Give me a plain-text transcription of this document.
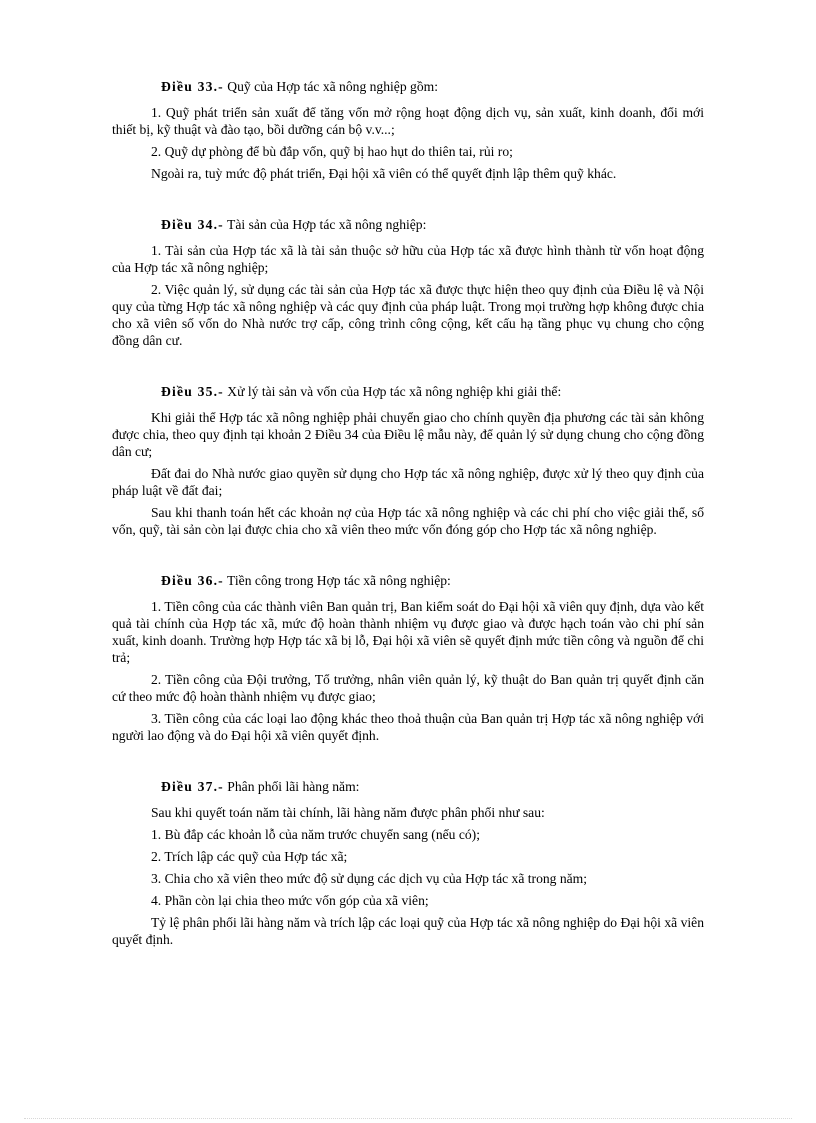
Điều 33.- Quỹ của Hợp tác xã nông nghiệp gồm:

1. Quỹ phát triển sản xuất để tăng vốn mở rộng hoạt động dịch vụ, sản xuất, kinh doanh, đổi mới thiết bị, kỹ thuật và đào tạo, bồi dưỡng cán bộ v.v...;

2. Quỹ dự phòng để bù đắp vốn, quỹ bị hao hụt do thiên tai, rủi ro;

Ngoài ra, tuỳ mức độ phát triển, Đại hội xã viên có thể quyết định lập thêm quỹ khác.

Điều 34.- Tài sản của Hợp tác xã nông nghiệp:

1. Tài sản của Hợp tác xã là tài sản thuộc sở hữu của Hợp tác xã được hình thành từ vốn hoạt động của Hợp tác xã nông nghiệp;

2. Việc quản lý, sử dụng các tài sản của Hợp tác xã được thực hiện theo quy định của Điều lệ và Nội quy của từng Hợp tác xã nông nghiệp và các quy định của pháp luật. Trong mọi trường hợp không được chia cho xã viên số vốn do Nhà nước trợ cấp, công trình công cộng, kết cấu hạ tầng phục vụ chung cho cộng đồng dân cư.

Điều 35.- Xử lý tài sản và vốn của Hợp tác xã nông nghiệp khi giải thể:

Khi giải thể Hợp tác xã nông nghiệp phải chuyển giao cho chính quyền địa phương các tài sản không được chia, theo quy định tại khoản 2 Điều 34 của Điều lệ mẫu này, để quản lý sử dụng chung cho cộng đồng dân cư;

Đất đai do Nhà nước giao quyền sử dụng cho Hợp tác xã nông nghiệp, được xử lý theo quy định của pháp luật về đất đai;

Sau khi thanh toán hết các khoản nợ của Hợp tác xã nông nghiệp và các chi phí cho việc giải thể, số vốn, quỹ, tài sản còn lại được chia cho xã viên theo mức vốn đóng góp cho Hợp tác xã nông nghiệp.

Điều 36.- Tiền công trong Hợp tác xã nông nghiệp:

1. Tiền công của các thành viên Ban quản trị, Ban kiểm soát do Đại hội xã viên quy định, dựa vào kết quả tài chính của Hợp tác xã, mức độ hoàn thành nhiệm vụ được giao và được hạch toán vào chi phí sản xuất, kinh doanh. Trường hợp Hợp tác xã bị lỗ, Đại hội xã viên sẽ quyết định mức tiền công và nguồn để chi trả;

2. Tiền công của Đội trưởng, Tổ trưởng, nhân viên quản lý, kỹ thuật do Ban quản trị quyết định căn cứ theo mức độ hoàn thành nhiệm vụ được giao;

3. Tiền công của các loại lao động khác theo thoả thuận của Ban quản trị Hợp tác xã nông nghiệp với người lao động và do Đại hội xã viên quyết định.

Điều 37.- Phân phối lãi hàng năm:

Sau khi quyết toán năm tài chính, lãi hàng năm được phân phối như sau:

1. Bù đắp các khoản lỗ của năm trước chuyển sang (nếu có);

2. Trích lập các quỹ của Hợp tác xã;

3. Chia cho xã viên theo mức độ sử dụng các dịch vụ của Hợp tác xã trong năm;

4. Phần còn lại chia theo mức vốn góp của xã viên;

Tỷ lệ phân phối lãi hàng năm và trích lập các loại quỹ của Hợp tác xã nông nghiệp do Đại hội xã viên quyết định.
